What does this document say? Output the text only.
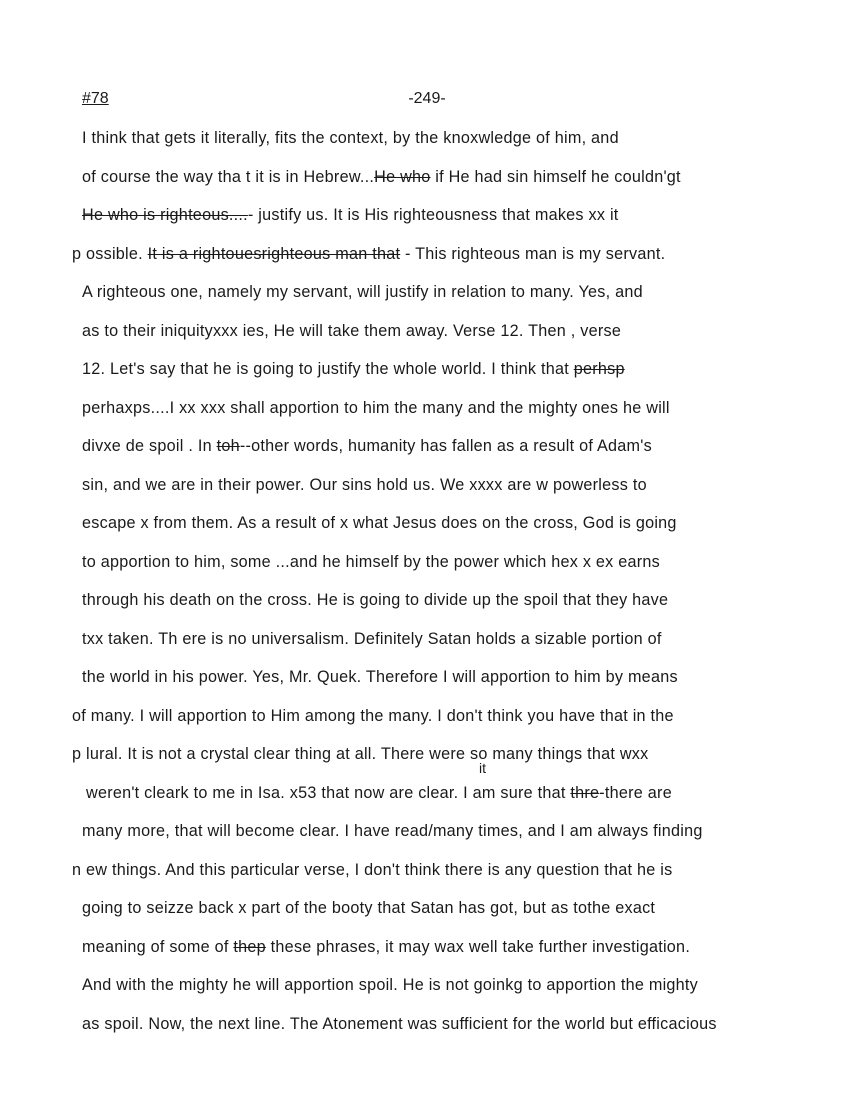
#78	-249-
I think that gets it literally, fits the context, by the knoxwledge of him, and
of course the way tha t it is in Hebrew...He who if He had sin himself he couldn'gt
He who is righteous....- justify us. It is His righteousness that makes xx it
p ossible. It is a rightouesrighteous man that - This righteous man is my servant.
A righteous one, namely my servant, will justify in relation to many. Yes, and
as to their iniquityxxx ies, He will take them away. Verse 12. Then , verse
12. Let's say that he is going to justify the whole world. I think that perhsp
perhaxps....I xx xxx shall apportion to him the many and the mighty ones he will
divxe de spoil . In toh--other words, humanity has fallen as a result of Adam's
sin, and we are in their power. Our sins hold us. We xxxx are w powerless to
escape x from them. As a result of x what Jesus does on the cross, God is going
to apportion to him, some ...and he himself by the power which hex x ex earns
through his death on the cross. He is going to divide up the spoil that they have
txx taken. Th ere is no universalism. Definitely Satan holds a sizable portion of
the world in his power. Yes, Mr. Quek. Therefore I will apportion to him by means
of many. I will apportion to Him among the many. I don't think you have that in the
p lural. It is not a crystal clear thing at all. There were so many things that wxx
weren't cleark to me in Isa. x53 that now are clear. I am sure that thre-there are
many more, that will become clear. I have read/many times, and I am always finding
n ew things. And this particular verse, I don't think there is any question that he is
going to seizze back x part of the booty that Satan has got, but as tothe exact
meaning of some of thep these phrases, it may wax well take further investigation.
And with the mighty he will apportion spoil. He is not goinkg to apportion the mighty
as spoil. Now, the next line. The Atonement was sufficient for the world but efficacious
it
